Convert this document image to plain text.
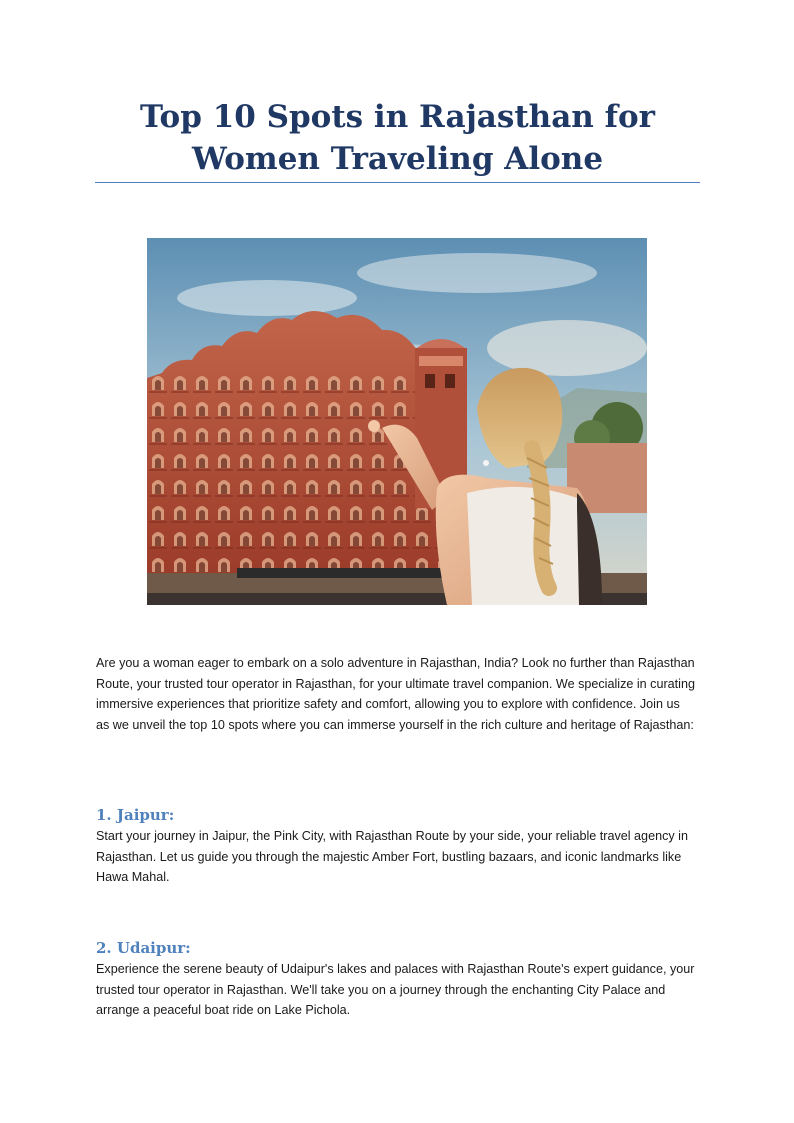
Top 10 Spots in Rajasthan for
Women Traveling Alone

Are you a woman eager to embark on a solo adventure in Rajasthan, India? Look no further than Rajasthan Route, your trusted tour operator in Rajasthan, for your ultimate travel companion. We specialize in curating immersive experiences that prioritize safety and comfort, allowing you to explore with confidence. Join us as we unveil the top 10 spots where you can immerse yourself in the rich culture and heritage of Rajasthan:

1. Jaipur:

Start your journey in Jaipur, the Pink City, with Rajasthan Route by your side, your reliable travel agency in Rajasthan. Let us guide you through the majestic Amber Fort, bustling bazaars, and iconic landmarks like Hawa Mahal.

2. Udaipur:

Experience the serene beauty of Udaipur's lakes and palaces with Rajasthan Route's expert guidance, your trusted tour operator in Rajasthan. We'll take you on a journey through the enchanting City Palace and arrange a peaceful boat ride on Lake Pichola.
